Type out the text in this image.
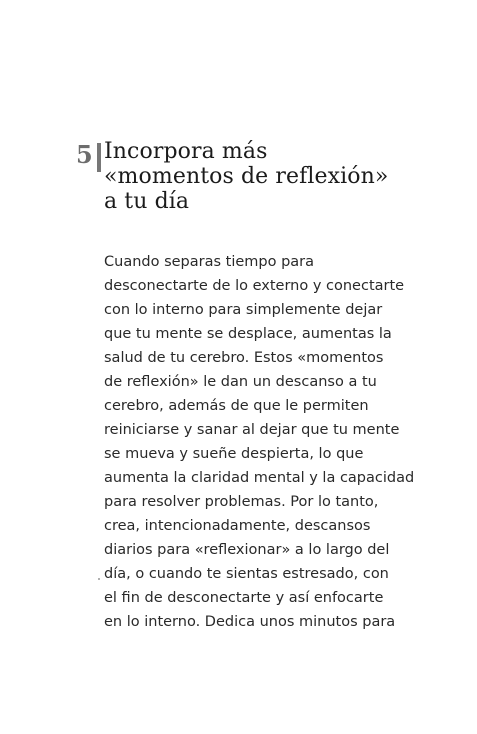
5 Incorpora más
«momentos de reflexión»
a tu día
Cuando separas tiempo para
desconectarte de lo externo y conectarte
con lo interno para simplemente dejar
que tu mente se desplace, aumentas la
salud de tu cerebro. Estos «momentos
de reflexión» le dan un descanso a tu
cerebro, además de que le permiten
reiniciarse y sanar al dejar que tu mente
se mueva y sueñe despierta, lo que
aumenta la claridad mental y la capacidad
para resolver problemas. Por lo tanto,
crea, intencionadamente, descansos
diarios para «reflexionar» a lo largo del
día, o cuando te sientas estresado, con
el fin de desconectarte y así enfocarte
en lo interno. Dedica unos minutos para
